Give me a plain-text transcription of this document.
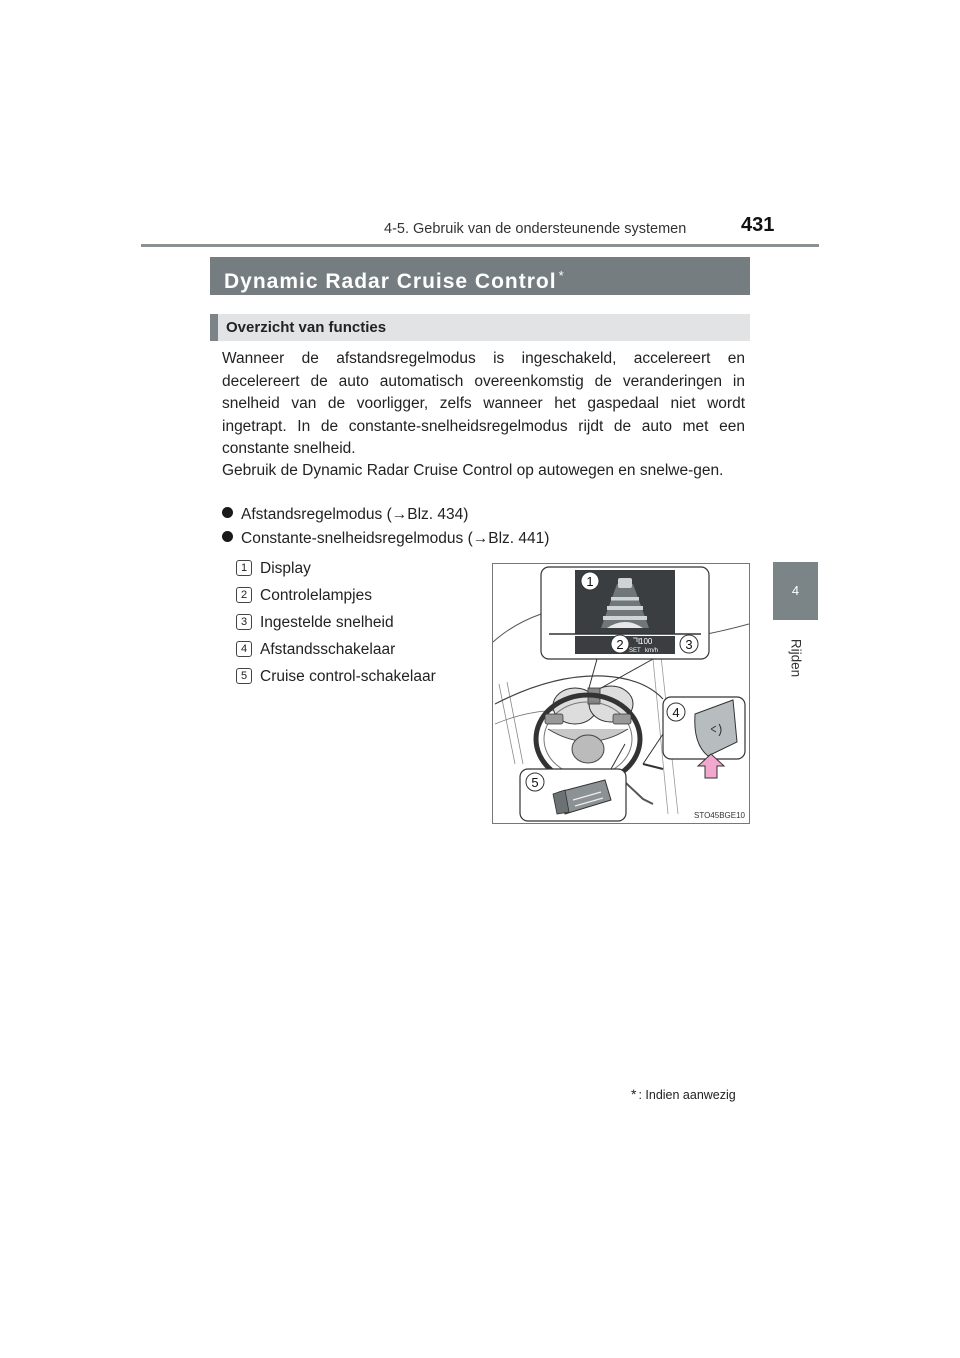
4-5. Gebruik van de ondersteunende systemen	431
4
Rijden
Dynamic Radar Cruise Control *
Overzicht van functies
Wanneer de afstandsregelmodus is ingeschakeld, accelereert en decelereert de auto automatisch overeenkomstig de veranderingen in snelheid van de voorligger, zelfs wanneer het gaspedaal niet wordt ingetrapt. In de constante-snelheidsregelmodus rijdt de auto met een constante snelheid.
Gebruik de Dynamic Radar Cruise Control op autowegen en snelwe-gen.
Afstandsregelmodus (→Blz. 434)
Constante-snelheidsregelmodus (→Blz. 441)
1 Display
2 Controlelampjes
3 Ingestelde snelheid
4 Afstandsschakelaar
5 Cruise control-schakelaar
100
SET km/h
1
2	3
4
5
STO45BGE10
* : Indien aanwezig
